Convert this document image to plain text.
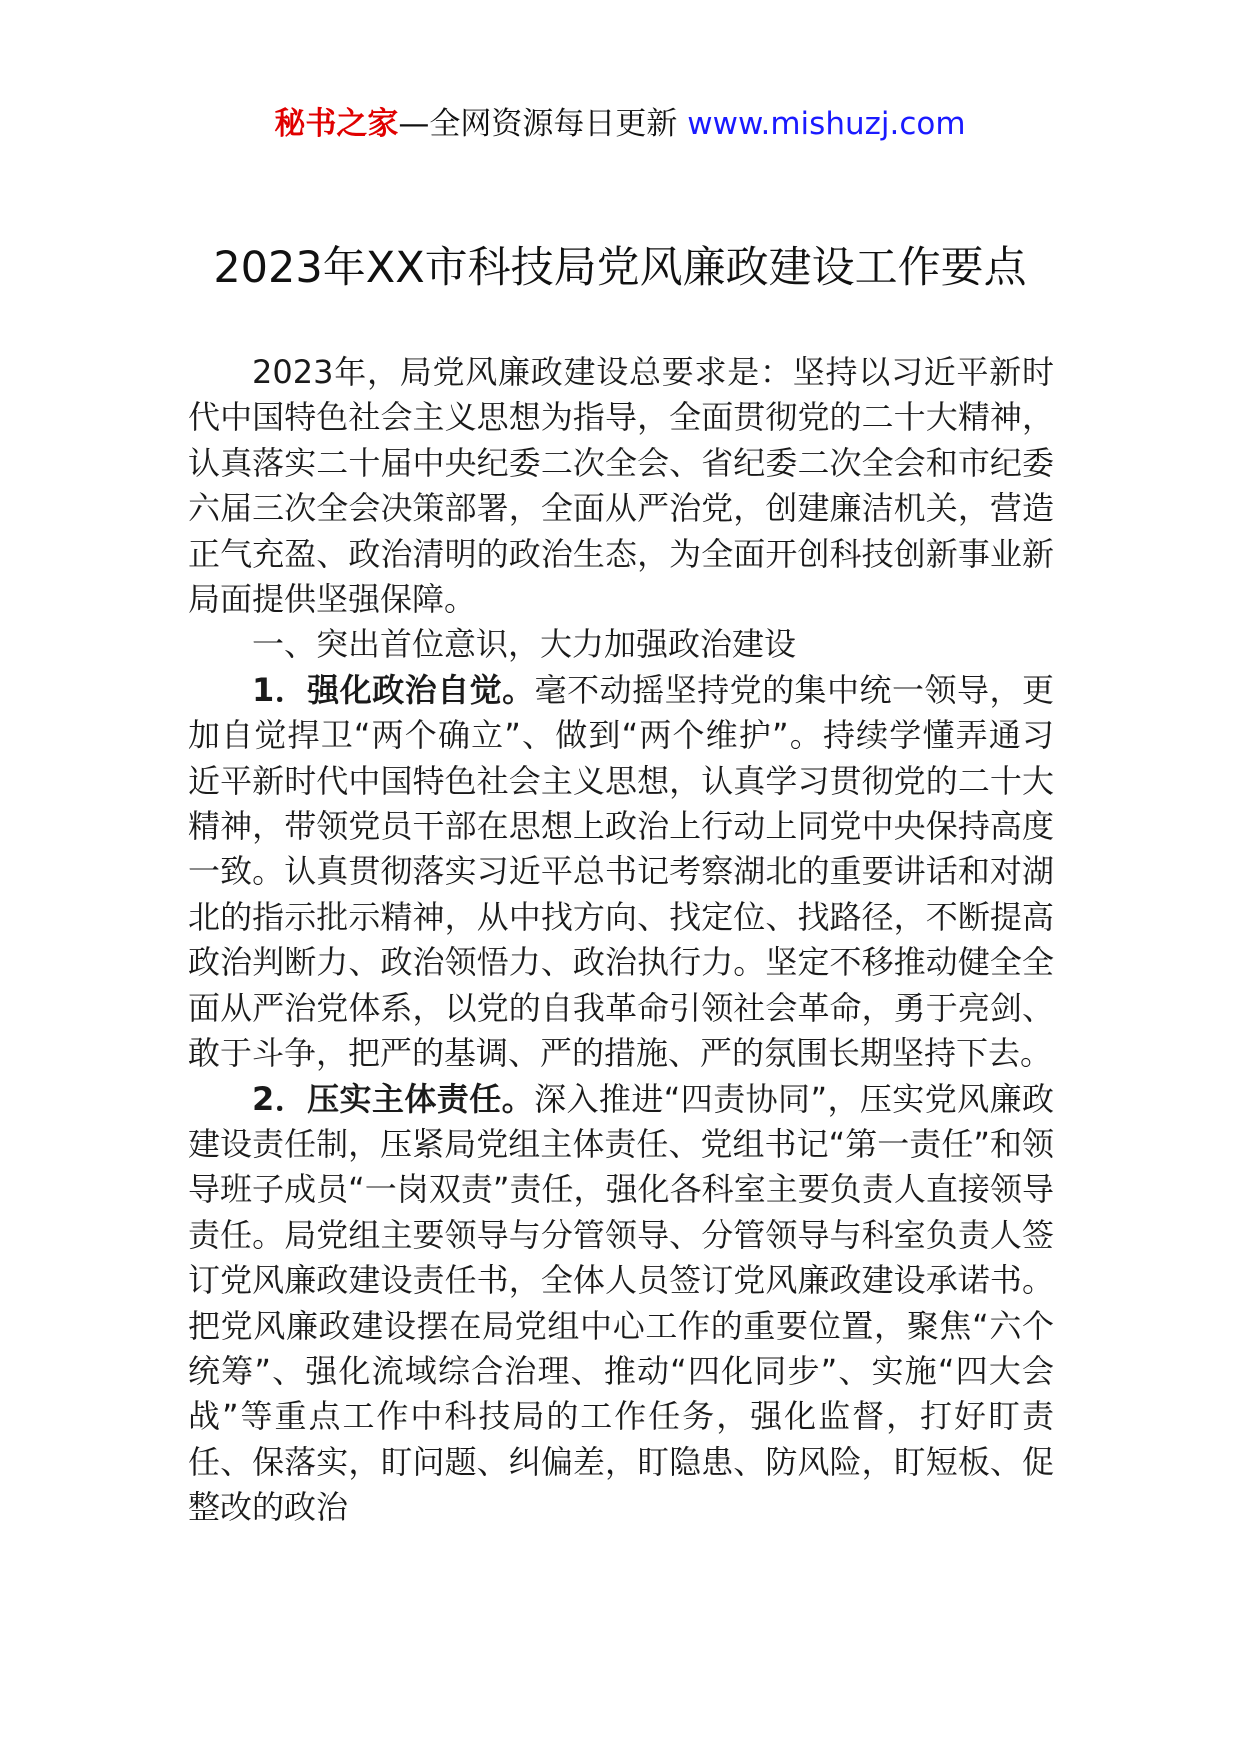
秘书之家—全网资源每日更新 www.mishuzj.com
2023年XX市科技局党风廉政建设工作要点

2023年，局党风廉政建设总要求是：坚持以习近平新时代中国特色社会主义思想为指导，全面贯彻党的二十大精神，认真落实二十届中央纪委二次全会、省纪委二次全会和市纪委六届三次全会决策部署，全面从严治党，创建廉洁机关，营造正气充盈、政治清明的政治生态，为全面开创科技创新事业新局面提供坚强保障。

一、突出首位意识，大力加强政治建设

1．强化政治自觉。毫不动摇坚持党的集中统一领导，更加自觉捍卫“两个确立”、做到“两个维护”。持续学懂弄通习近平新时代中国特色社会主义思想，认真学习贯彻党的二十大精神，带领党员干部在思想上政治上行动上同党中央保持高度一致。认真贯彻落实习近平总书记考察湖北的重要讲话和对湖北的指示批示精神，从中找方向、找定位、找路径，不断提高政治判断力、政治领悟力、政治执行力。坚定不移推动健全全面从严治党体系，以党的自我革命引领社会革命，勇于亮剑、敢于斗争，把严的基调、严的措施、严的氛围长期坚持下去。

2．压实主体责任。深入推进“四责协同”，压实党风廉政建设责任制，压紧局党组主体责任、党组书记“第一责任”和领导班子成员“一岗双责”责任，强化各科室主要负责人直接领导责任。局党组主要领导与分管领导、分管领导与科室负责人签订党风廉政建设责任书，全体人员签订党风廉政建设承诺书。把党风廉政建设摆在局党组中心工作的重要位置，聚焦“六个统筹”、强化流域综合治理、推动“四化同步”、实施“四大会战”等重点工作中科技局的工作任务，强化监督，打好盯责任、保落实，盯问题、纠偏差，盯隐患、防风险，盯短板、促整改的政治
